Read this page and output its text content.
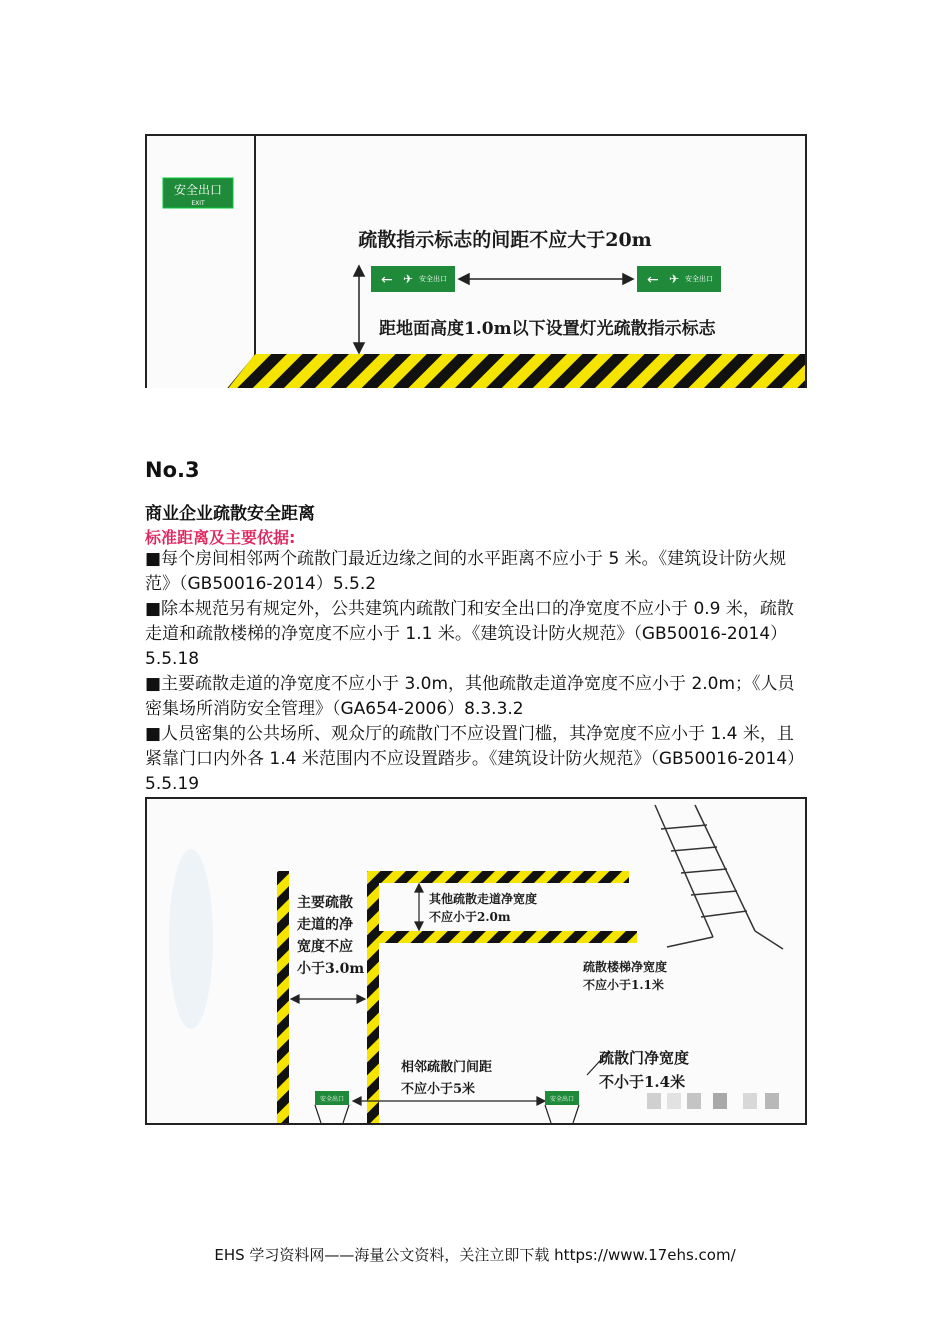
安全出口
EXIT
疏散指示标志的间距不应大于20m
← ✈ 安全出口	← ✈ 安全出口
距地面高度1.0m以下设置灯光疏散指示标志
No.3
商业企业疏散安全距离
标准距离及主要依据:

■每个房间相邻两个疏散门最近边缘之间的水平距离不应小于 5 米。《建筑设计防火规范》（GB50016-2014）5.5.2

■除本规范另有规定外，公共建筑内疏散门和安全出口的净宽度不应小于 0.9 米，疏散走道和疏散楼梯的净宽度不应小于 1.1 米。《建筑设计防火规范》（GB50016-2014）5.5.18

■主要疏散走道的净宽度不应小于 3.0m，其他疏散走道净宽度不应小于 2.0m；《人员密集场所消防安全管理》（GA654-2006）8.3.3.2

■人员密集的公共场所、观众厅的疏散门不应设置门槛，其净宽度不应小于 1.4 米，且紧靠门口内外各 1.4 米范围内不应设置踏步。《建筑设计防火规范》（GB50016-2014）5.5.19

安全出口	安全出口
主要疏散 走道的净 宽度不应 小于3.0m
其他疏散走道净宽度 不应小于2.0m
疏散楼梯净宽度 不应小于1.1米
相邻疏散门间距 不应小于5米
疏散门净宽度 不小于1.4米
EHS 学习资料网——海量公文资料，关注立即下载 https://www.17ehs.com/
